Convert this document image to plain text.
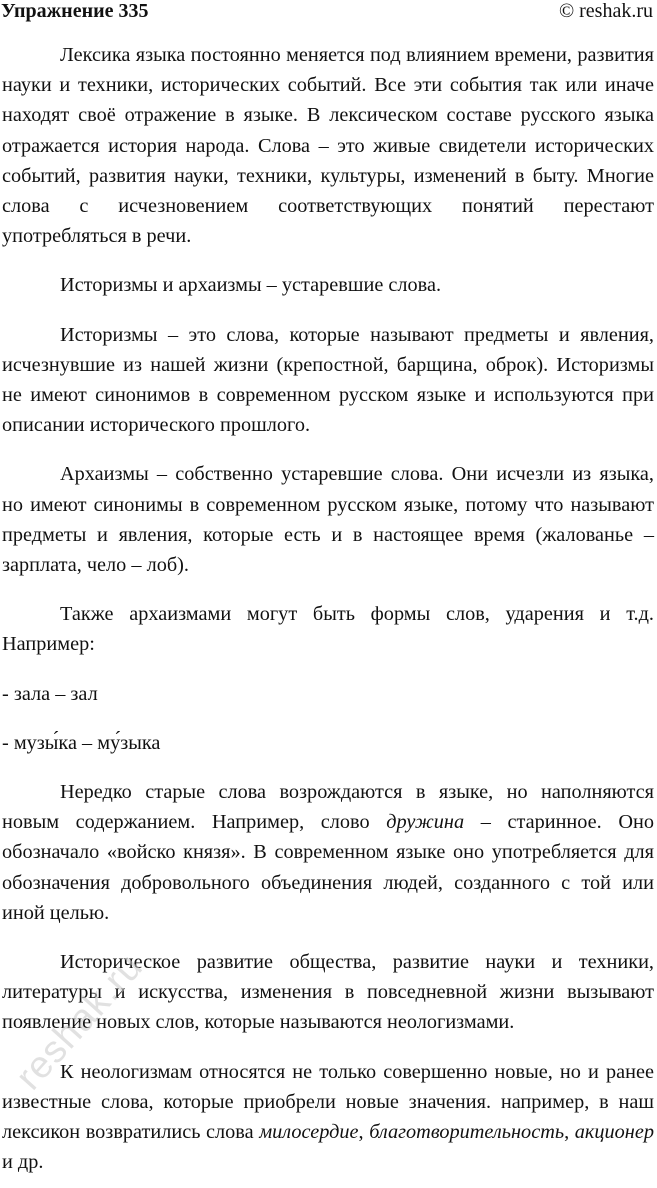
Упражнение 335	© reshak.ru

Лексика языка постоянно меняется под влиянием времени, развития науки и техники, исторических событий. Все эти события так или иначе находят своё отражение в языке. В лексическом составе русского языка отражается история народа. Слова – это живые свидетели исторических событий, развития науки, техники, культуры, изменений в быту. Многие слова с исчезновением соответствующих понятий перестают употребляться в речи.

Историзмы и архаизмы – устаревшие слова.

Историзмы – это слова, которые называют предметы и явления, исчезнувшие из нашей жизни (крепостной, барщина, оброк). Историзмы не имеют синонимов в современном русском языке и используются при описании исторического прошлого.

Архаизмы – собственно устаревшие слова. Они исчезли из языка, но имеют синонимы в современном русском языке, потому что называют предметы и явления, которые есть и в настоящее время (жалованье – зарплата, чело – лоб).

Также архаизмами могут быть формы слов, ударения и т.д. Например:

- зала – зал

- музы́ка – му́зыка

Нередко старые слова возрождаются в языке, но наполняются новым содержанием. Например, слово дружина – старинное. Оно обозначало «войско князя». В современном языке оно употребляется для обозначения добровольного объединения людей, созданного с той или иной целью.

Историческое развитие общества, развитие науки и техники, литературы и искусства, изменения в повседневной жизни вызывают появление новых слов, которые называются неологизмами.

К неологизмам относятся не только совершенно новые, но и ранее известные слова, которые приобрели новые значения. например, в наш лексикон возвратились слова милосердие, благотворительность, акционер и др.

reshak.ru
